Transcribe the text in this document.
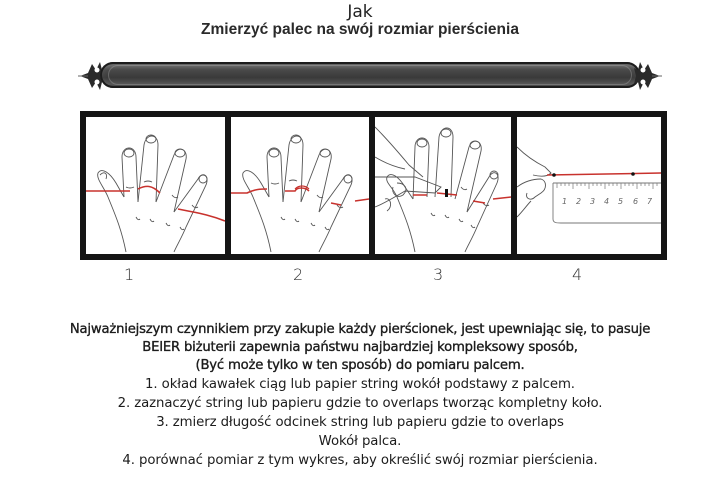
Jak
Zmierzyć palec na swój rozmiar pierścienia
1 2 3 4 5 6 7
1	2	3	4
Najważniejszym czynnikiem przy zakupie każdy pierścionek, jest upewniając się, to pasuje
BEIER biżuterii zapewnia państwu najbardziej kompleksowy sposób,
(Być może tylko w ten sposób) do pomiaru palcem.
1. okład kawałek ciąg lub papier string wokół podstawy z palcem.
2. zaznaczyć string lub papieru gdzie to overlaps tworząc kompletny koło.
3. zmierz długość odcinek string lub papieru gdzie to overlaps
Wokół palca.
4. porównać pomiar z tym wykres, aby określić swój rozmiar pierścienia.
